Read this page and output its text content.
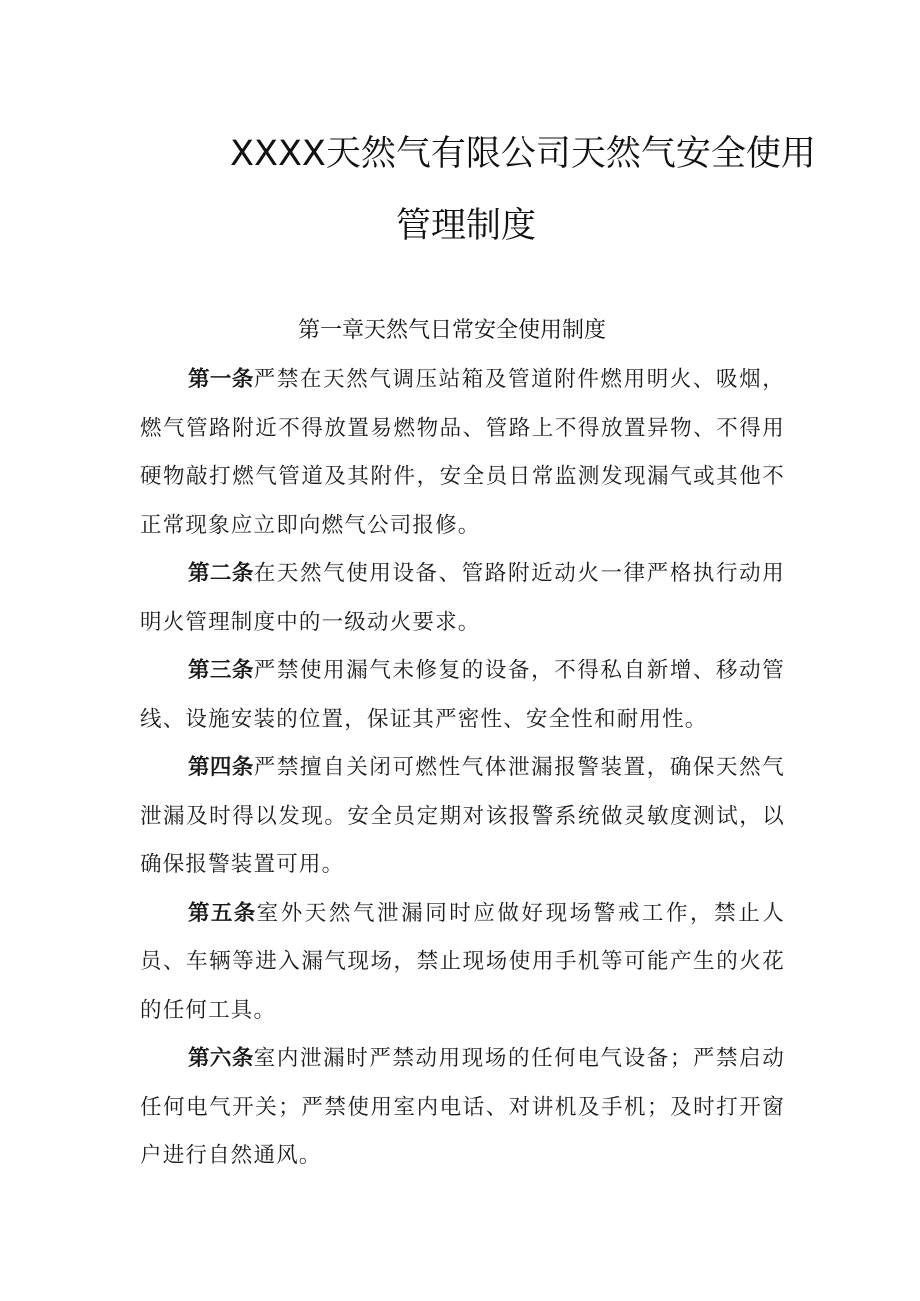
XXXX天然气有限公司天然气安全使用
管理制度
第一章天然气日常安全使用制度

第一条严禁在天然气调压站箱及管道附件燃用明火、吸烟，燃气管路附近不得放置易燃物品、管路上不得放置异物、不得用硬物敲打燃气管道及其附件，安全员日常监测发现漏气或其他不正常现象应立即向燃气公司报修。

第二条在天然气使用设备、管路附近动火一律严格执行动用明火管理制度中的一级动火要求。

第三条严禁使用漏气未修复的设备，不得私自新增、移动管线、设施安装的位置，保证其严密性、安全性和耐用性。

第四条严禁擅自关闭可燃性气体泄漏报警装置，确保天然气泄漏及时得以发现。安全员定期对该报警系统做灵敏度测试，以确保报警装置可用。

第五条室外天然气泄漏同时应做好现场警戒工作，禁止人员、车辆等进入漏气现场，禁止现场使用手机等可能产生的火花的任何工具。

第六条室内泄漏时严禁动用现场的任何电气设备；严禁启动任何电气开关；严禁使用室内电话、对讲机及手机；及时打开窗户进行自然通风。
